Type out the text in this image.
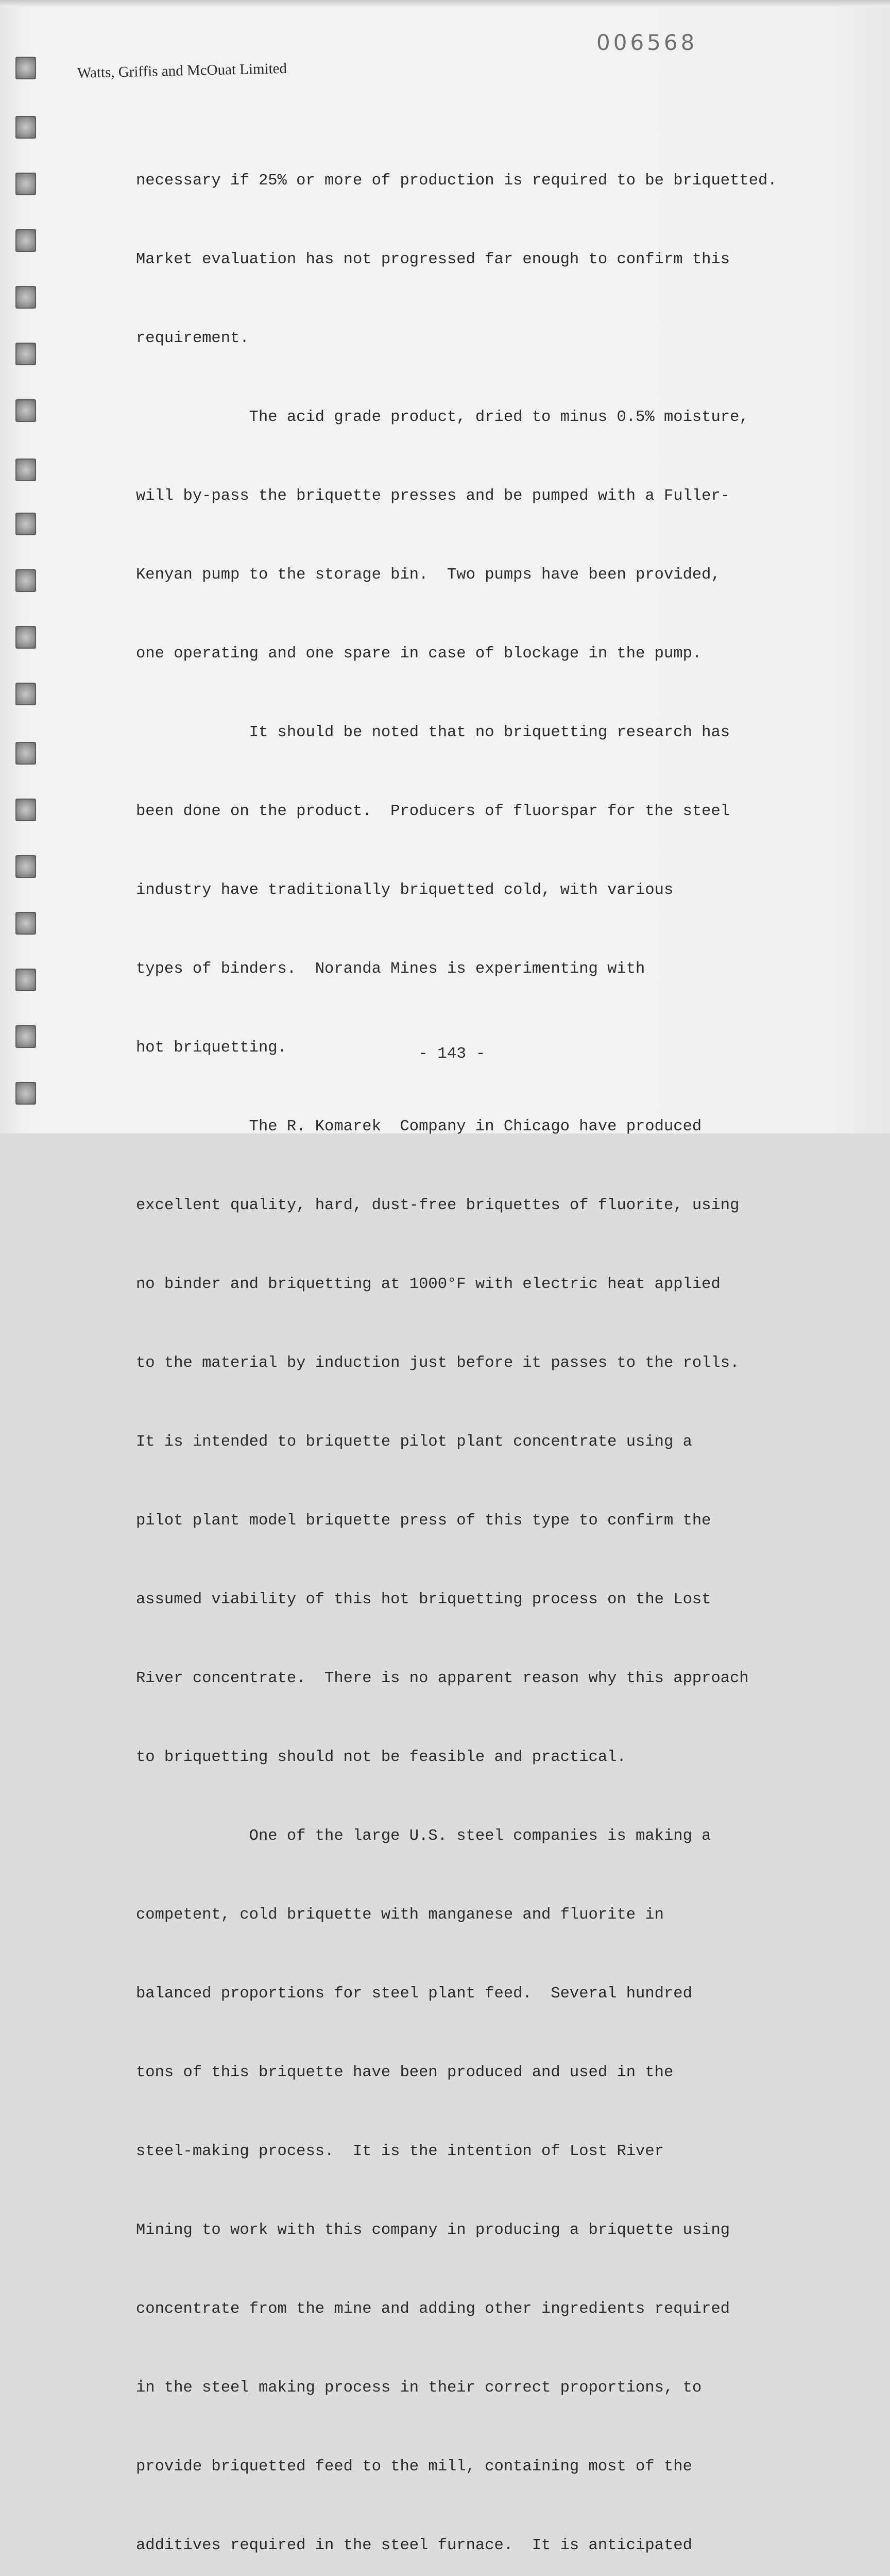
006568
Watts, Griffis and McOuat Limited

necessary if 25% or more of production is required to be briquetted.

Market evaluation has not progressed far enough to confirm this

requirement.

The acid grade product, dried to minus 0.5% moisture,

will by-pass the briquette presses and be pumped with a Fuller-

Kenyan pump to the storage bin.  Two pumps have been provided,

one operating and one spare in case of blockage in the pump.

It should be noted that no briquetting research has

been done on the product.  Producers of fluorspar for the steel

industry have traditionally briquetted cold, with various

types of binders.  Noranda Mines is experimenting with

hot briquetting.

The R. Komarek  Company in Chicago have produced

excellent quality, hard, dust-free briquettes of fluorite, using

no binder and briquetting at 1000°F with electric heat applied

to the material by induction just before it passes to the rolls.

It is intended to briquette pilot plant concentrate using a

pilot plant model briquette press of this type to confirm the

assumed viability of this hot briquetting process on the Lost

River concentrate.  There is no apparent reason why this approach

to briquetting should not be feasible and practical.

One of the large U.S. steel companies is making a

competent, cold briquette with manganese and fluorite in

balanced proportions for steel plant feed.  Several hundred

tons of this briquette have been produced and used in the

steel-making process.  It is the intention of Lost River

Mining to work with this company in producing a briquette using

concentrate from the mine and adding other ingredients required

in the steel making process in their correct proportions, to

provide briquetted feed to the mill, containing most of the

additives required in the steel furnace.  It is anticipated

- 143 -
